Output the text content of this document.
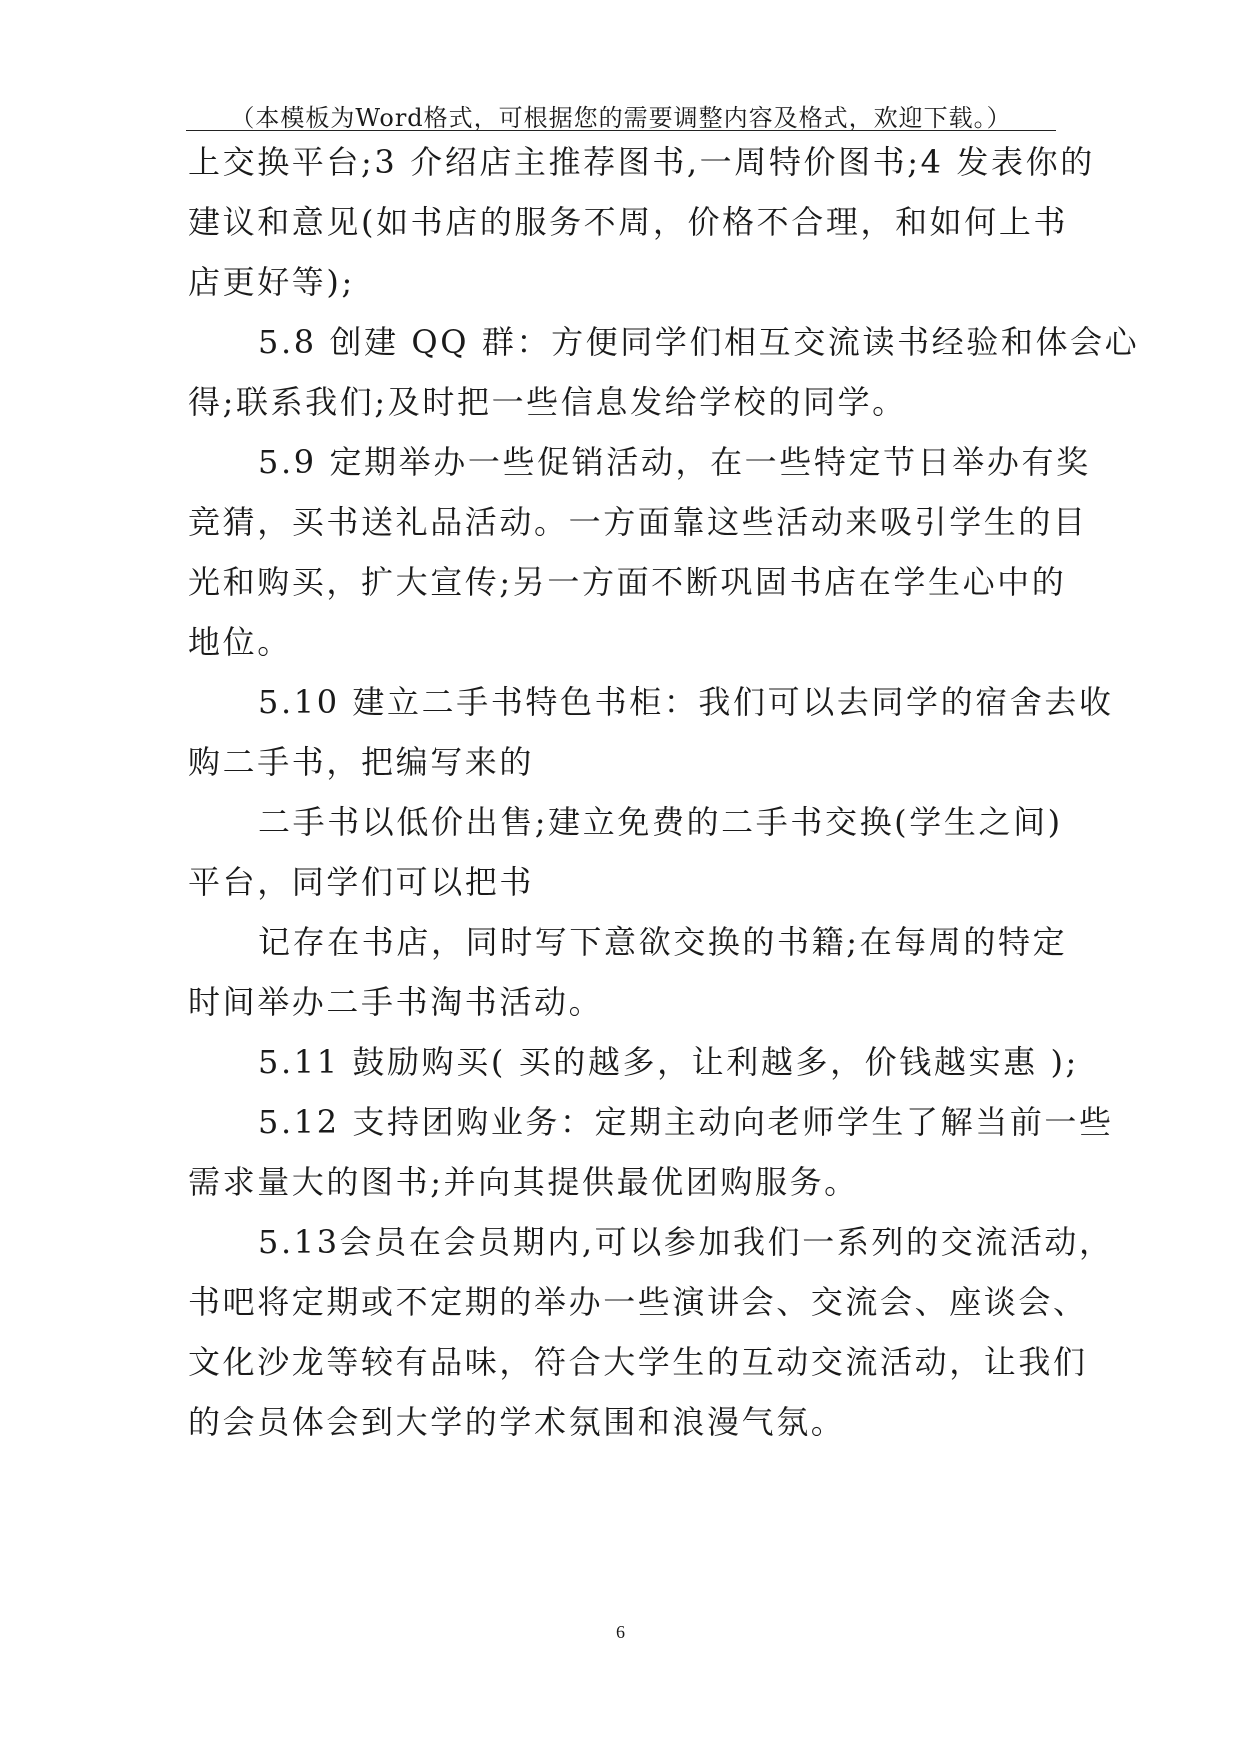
（本模板为Word格式，可根据您的需要调整内容及格式，欢迎下载。）
上交换平台;3 介绍店主推荐图书,一周特价图书;4 发表你的
建议和意见(如书店的服务不周，价格不合理，和如何上书
店更好等);
5.8 创建 QQ 群：方便同学们相互交流读书经验和体会心
得;联系我们;及时把一些信息发给学校的同学。
5.9 定期举办一些促销活动，在一些特定节日举办有奖
竞猜，买书送礼品活动。一方面靠这些活动来吸引学生的目
光和购买，扩大宣传;另一方面不断巩固书店在学生心中的
地位。
5.10 建立二手书特色书柜：我们可以去同学的宿舍去收
购二手书，把编写来的
二手书以低价出售;建立免费的二手书交换(学生之间)
平台，同学们可以把书
记存在书店，同时写下意欲交换的书籍;在每周的特定
时间举办二手书淘书活动。
5.11 鼓励购买( 买的越多，让利越多，价钱越实惠 );
5.12 支持团购业务：定期主动向老师学生了解当前一些
需求量大的图书;并向其提供最优团购服务。
5.13会员在会员期内,可以参加我们一系列的交流活动，
书吧将定期或不定期的举办一些演讲会、交流会、座谈会、
文化沙龙等较有品味，符合大学生的互动交流活动，让我们
的会员体会到大学的学术氛围和浪漫气氛。
6
